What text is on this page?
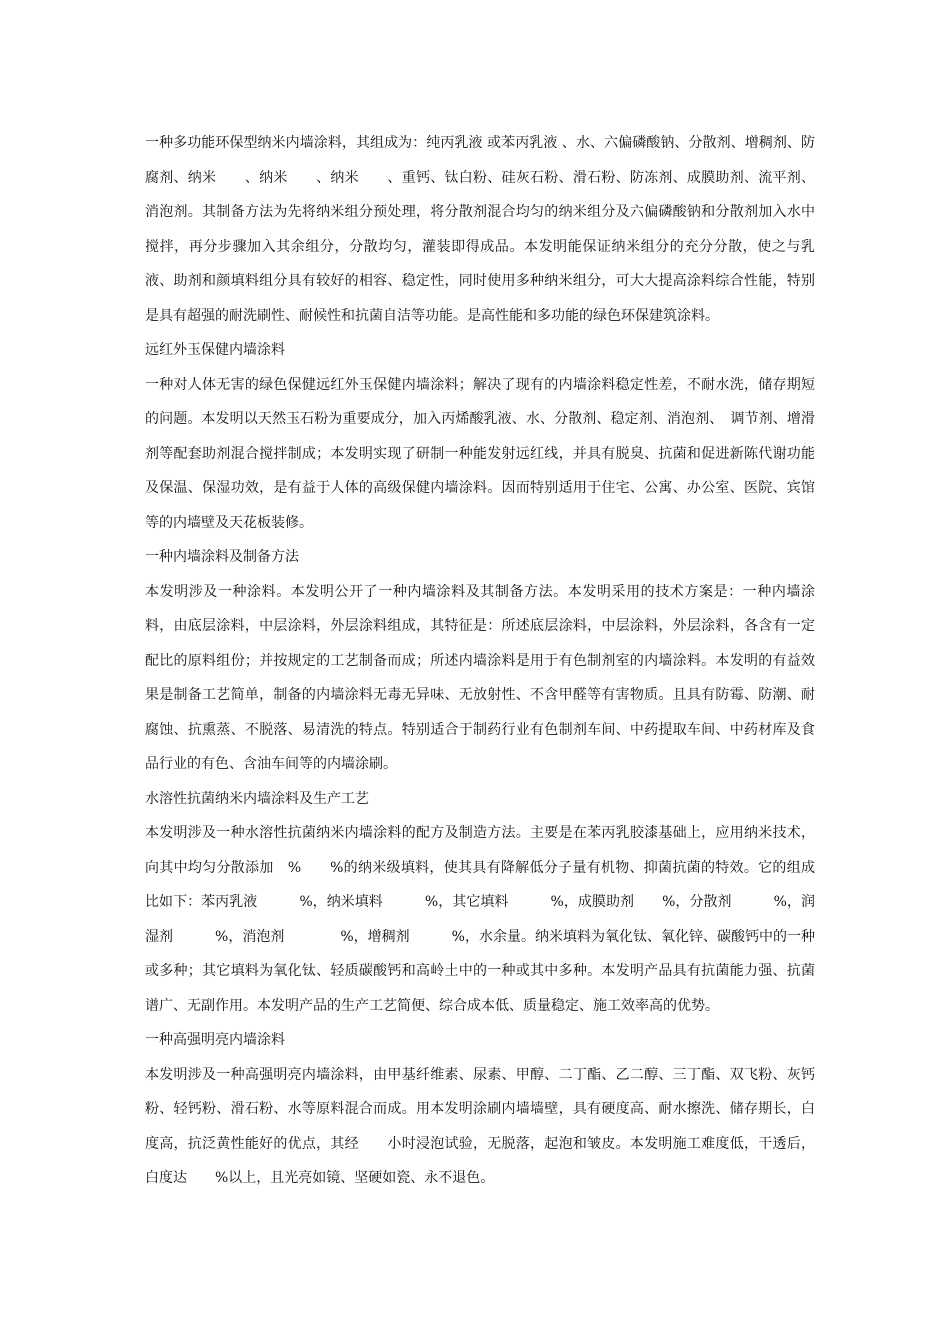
一种多功能环保型纳米内墙涂料，其组成为：纯丙乳液 或苯丙乳液 、水、六偏磷酸钠、分散剂、增稠剂、防腐剂、纳米　　、纳米　　、纳米　　、重钙、钛白粉、硅灰石粉、滑石粉、防冻剂、成膜助剂、流平剂、消泡剂。其制备方法为先将纳米组分预处理，将分散剂混合均匀的纳米组分及六偏磷酸钠和分散剂加入水中搅拌，再分步骤加入其余组分，分散均匀，灌装即得成品。本发明能保证纳米组分的充分分散，使之与乳液、助剂和颜填料组分具有较好的相容、稳定性，同时使用多种纳米组分，可大大提高涂料综合性能，特别是具有超强的耐洗刷性、耐候性和抗菌自洁等功能。是高性能和多功能的绿色环保建筑涂料。

远红外玉保健内墙涂料

一种对人体无害的绿色保健远红外玉保健内墙涂料；解决了现有的内墙涂料稳定性差，不耐水洗，储存期短的问题。本发明以天然玉石粉为重要成分，加入丙烯酸乳液、水、分散剂、稳定剂、消泡剂、　调节剂、增滑剂等配套助剂混合搅拌制成；本发明实现了研制一种能发射远红线，并具有脱臭、抗菌和促进新陈代谢功能及保温、保湿功效，是有益于人体的高级保健内墙涂料。因而特别适用于住宅、公寓、办公室、医院、宾馆等的内墙壁及天花板装修。

一种内墙涂料及制备方法

本发明涉及一种涂料。本发明公开了一种内墙涂料及其制备方法。本发明采用的技术方案是：一种内墙涂料，由底层涂料，中层涂料，外层涂料组成，其特征是：所述底层涂料，中层涂料，外层涂料，各含有一定配比的原料组份；并按规定的工艺制备而成；所述内墙涂料是用于有色制剂室的内墙涂料。本发明的有益效果是制备工艺简单，制备的内墙涂料无毒无异味、无放射性、不含甲醛等有害物质。且具有防霉、防潮、耐腐蚀、抗熏蒸、不脱落、易清洗的特点。特别适合于制药行业有色制剂车间、中药提取车间、中药材库及食品行业的有色、含油车间等的内墙涂刷。

水溶性抗菌纳米内墙涂料及生产工艺

本发明涉及一种水溶性抗菌纳米内墙涂料的配方及制造方法。主要是在苯丙乳胶漆基础上，应用纳米技术，向其中均匀分散添加　%　　%的纳米级填料，使其具有降解低分子量有机物、抑菌抗菌的特效。它的组成比如下：苯丙乳液　　　%，纳米填料　　　%，其它填料　　　%，成膜助剂　　%，分散剂　　　%，润湿剂　　　%，消泡剂　　　　%，增稠剂　　　%，水余量。纳米填料为氧化钛、氧化锌、碳酸钙中的一种或多种；其它填料为氧化钛、轻质碳酸钙和高岭土中的一种或其中多种。本发明产品具有抗菌能力强、抗菌谱广、无副作用。本发明产品的生产工艺简便、综合成本低、质量稳定、施工效率高的优势。

一种高强明亮内墙涂料

本发明涉及一种高强明亮内墙涂料，由甲基纤维素、尿素、甲醇、二丁酯、乙二醇、三丁酯、双飞粉、灰钙粉、轻钙粉、滑石粉、水等原料混合而成。用本发明涂刷内墙墙壁，具有硬度高、耐水擦洗、储存期长，白度高，抗泛黄性能好的优点，其经　　小时浸泡试验，无脱落，起泡和皱皮。本发明施工难度低，干透后，白度达　　%以上，且光亮如镜、坚硬如瓷、永不退色。
